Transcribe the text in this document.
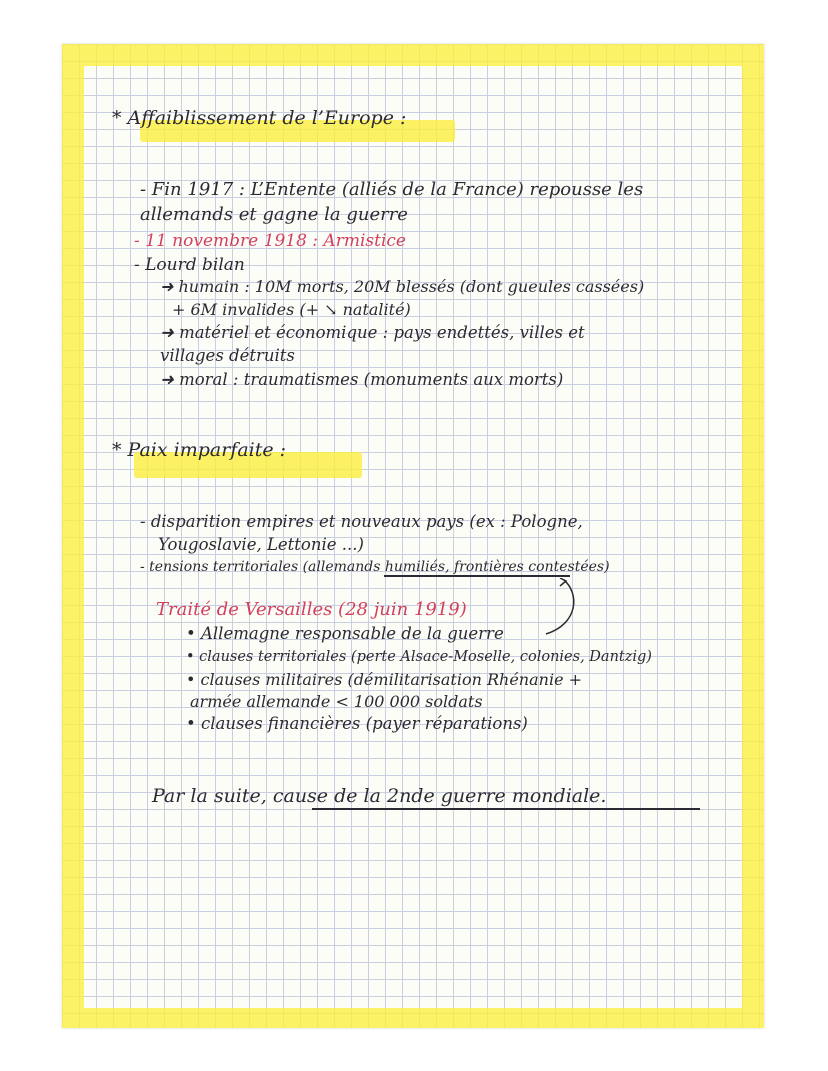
* Affaiblissement de l’Europe :
- Fin 1917 : L’Entente (alliés de la France) repousse les
allemands et gagne la guerre
- 11 novembre 1918 : Armistice
- Lourd bilan
➜ humain : 10M morts, 20M blessés (dont gueules cassées)
+ 6M invalides (+ ↘ natalité)
➜ matériel et économique : pays endettés, villes et
villages détruits
➜ moral : traumatismes (monuments aux morts)
* Paix imparfaite :
- disparition empires et nouveaux pays (ex : Pologne,
Yougoslavie, Lettonie ...)
- tensions territoriales (allemands humiliés, frontières contestées)
Traité de Versailles (28 juin 1919)
• Allemagne responsable de la guerre
• clauses territoriales (perte Alsace-Moselle, colonies, Dantzig)
• clauses militaires (démilitarisation Rhénanie +
armée allemande < 100 000 soldats
• clauses financières (payer réparations)
Par la suite, cause de la 2nde guerre mondiale.
